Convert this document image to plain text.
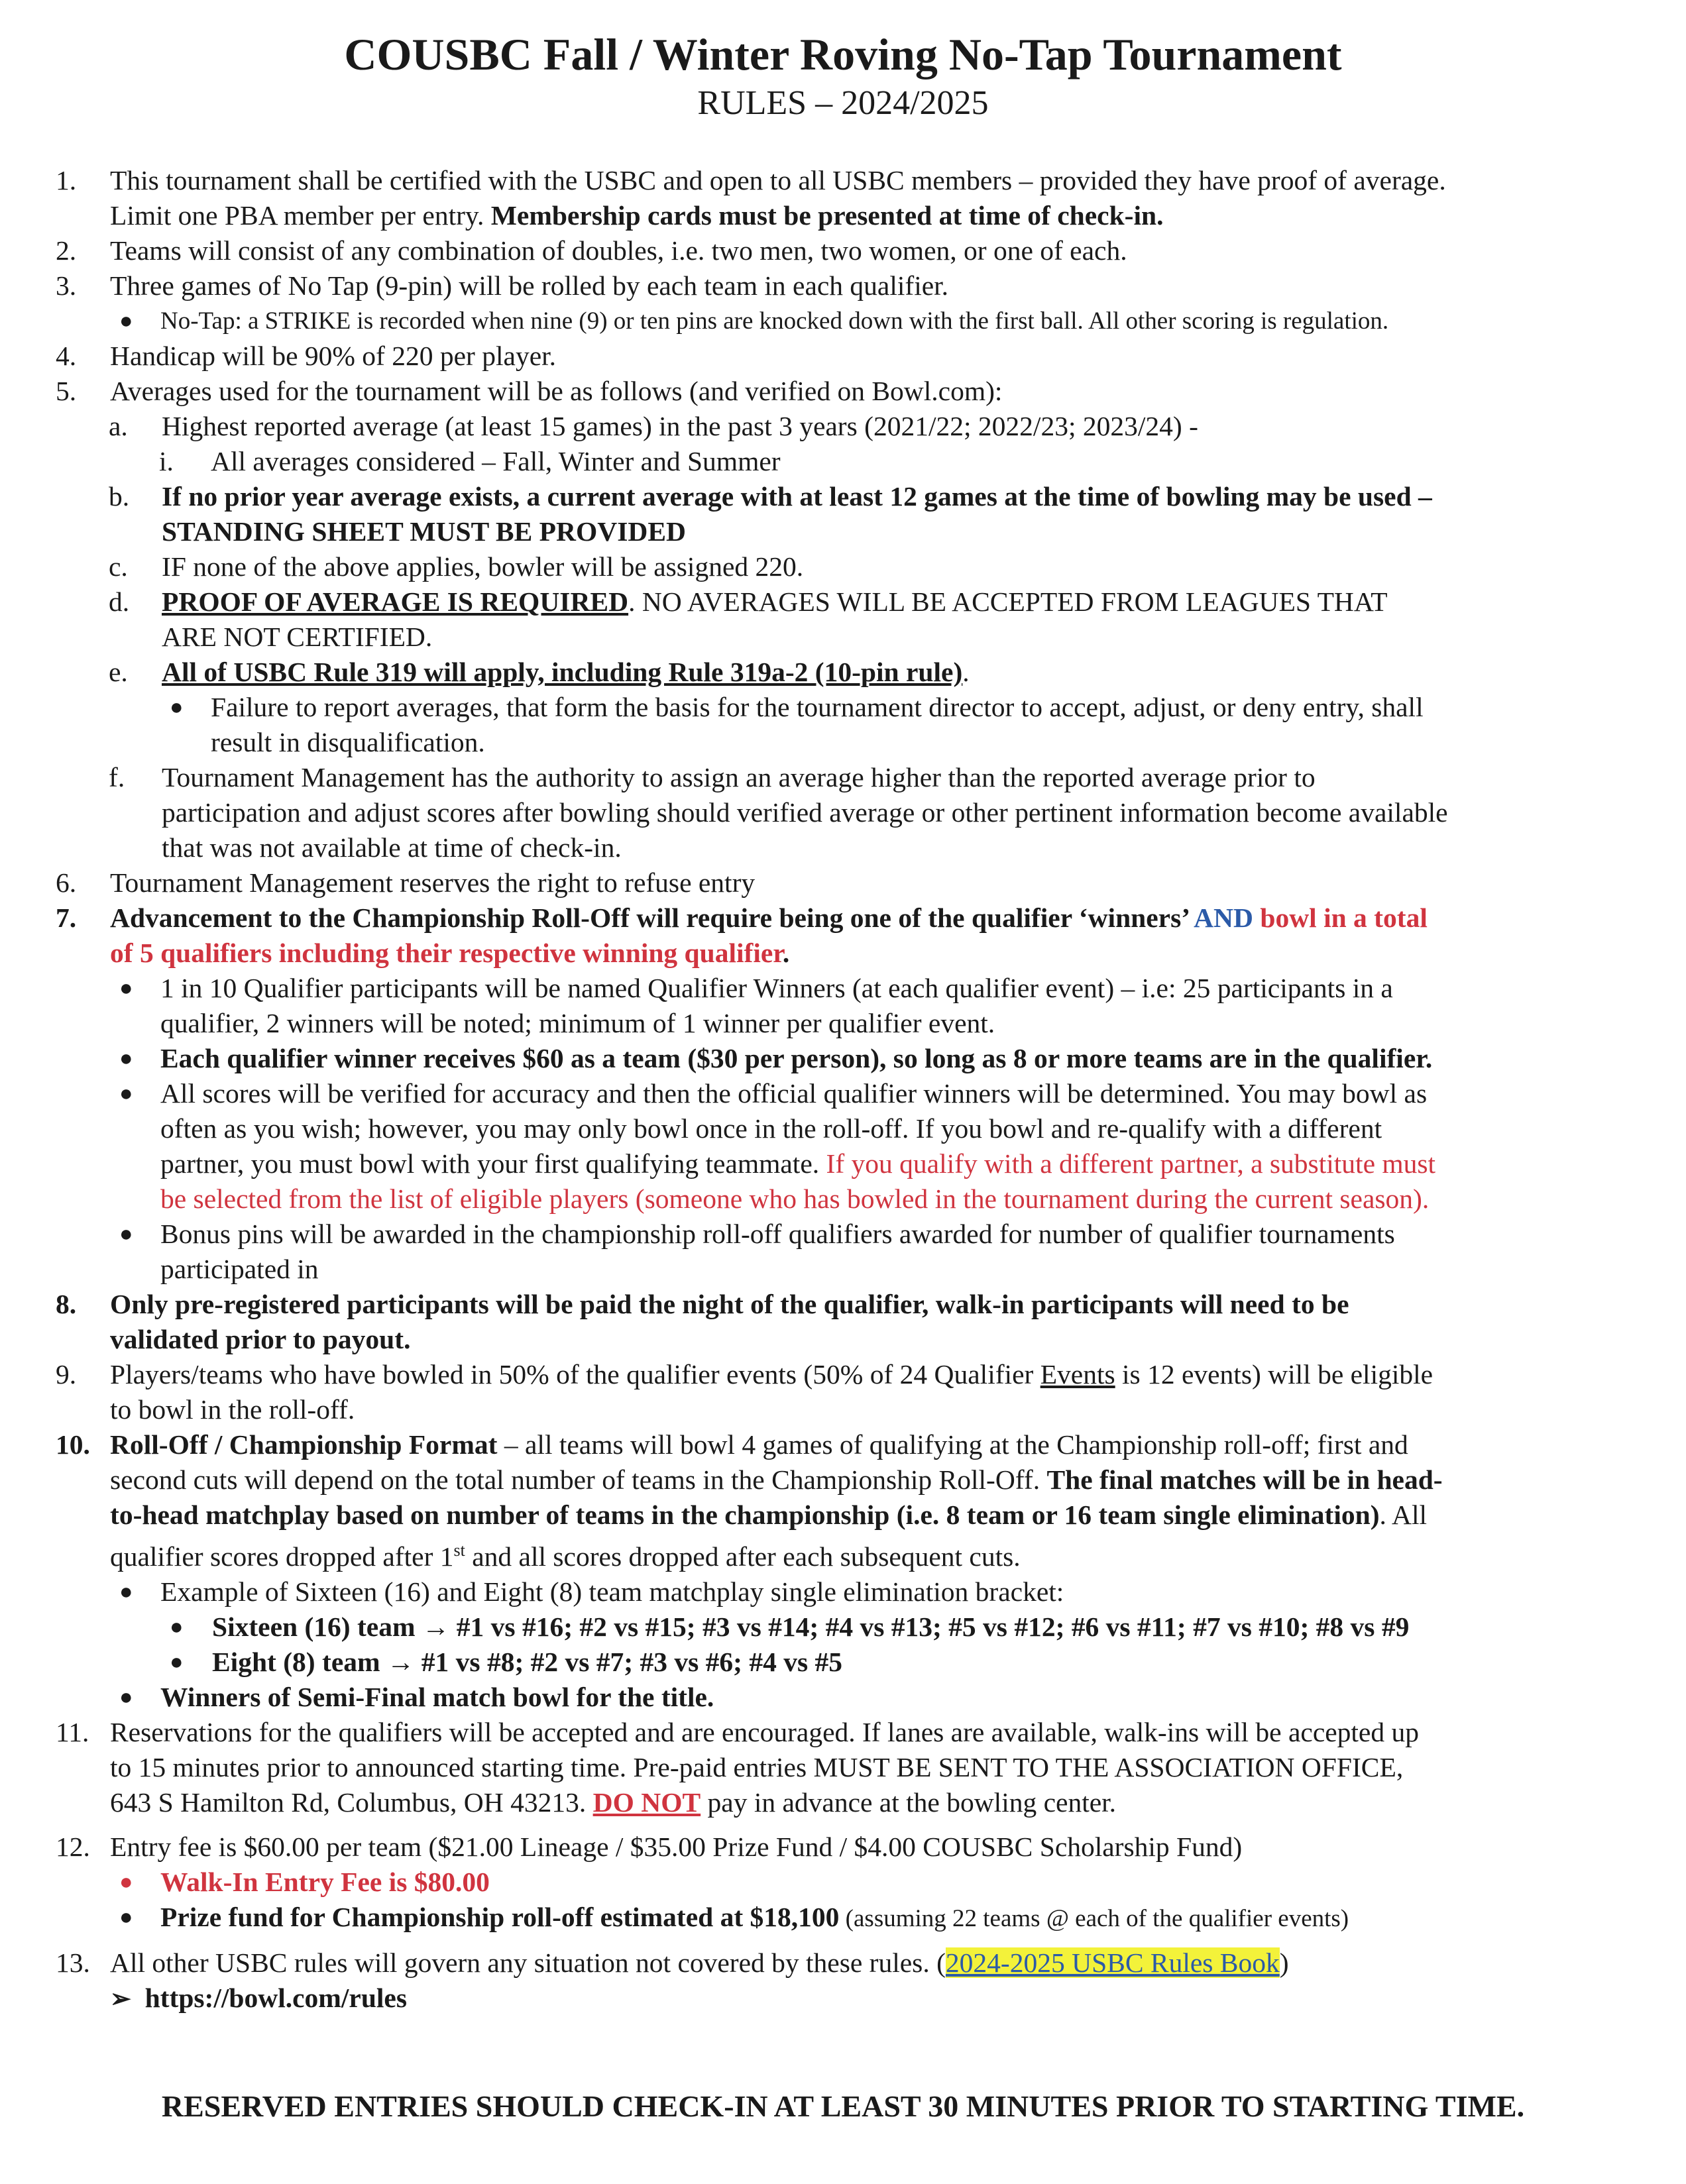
COUSBC Fall / Winter Roving No-Tap Tournament
RULES – 2024/2025
1. This tournament shall be certified with the USBC and open to all USBC members – provided they have proof of average.
Limit one PBA member per entry. Membership cards must be presented at time of check-in.
2. Teams will consist of any combination of doubles, i.e. two men, two women, or one of each.
3. Three games of No Tap (9-pin) will be rolled by each team in each qualifier.
● No-Tap: a STRIKE is recorded when nine (9) or ten pins are knocked down with the first ball. All other scoring is regulation.
4. Handicap will be 90% of 220 per player.
5. Averages used for the tournament will be as follows (and verified on Bowl.com):
a. Highest reported average (at least 15 games) in the past 3 years (2021/22; 2022/23; 2023/24) -
i. All averages considered – Fall, Winter and Summer
b. If no prior year average exists, a current average with at least 12 games at the time of bowling may be used –
STANDING SHEET MUST BE PROVIDED
c. IF none of the above applies, bowler will be assigned 220.
d. PROOF OF AVERAGE IS REQUIRED. NO AVERAGES WILL BE ACCEPTED FROM LEAGUES THAT
ARE NOT CERTIFIED.
e. All of USBC Rule 319 will apply, including Rule 319a-2 (10-pin rule).
● Failure to report averages, that form the basis for the tournament director to accept, adjust, or deny entry, shall
result in disqualification.
f. Tournament Management has the authority to assign an average higher than the reported average prior to
participation and adjust scores after bowling should verified average or other pertinent information become available
that was not available at time of check-in.
6. Tournament Management reserves the right to refuse entry
7. Advancement to the Championship Roll-Off will require being one of the qualifier ‘winners’ AND bowl in a total
of 5 qualifiers including their respective winning qualifier.
● 1 in 10 Qualifier participants will be named Qualifier Winners (at each qualifier event) – i.e: 25 participants in a
qualifier, 2 winners will be noted; minimum of 1 winner per qualifier event.
● Each qualifier winner receives $60 as a team ($30 per person), so long as 8 or more teams are in the qualifier.
● All scores will be verified for accuracy and then the official qualifier winners will be determined. You may bowl as
often as you wish; however, you may only bowl once in the roll-off. If you bowl and re-qualify with a different
partner, you must bowl with your first qualifying teammate. If you qualify with a different partner, a substitute must
be selected from the list of eligible players (someone who has bowled in the tournament during the current season).
● Bonus pins will be awarded in the championship roll-off qualifiers awarded for number of qualifier tournaments
participated in
8. Only pre-registered participants will be paid the night of the qualifier, walk-in participants will need to be
validated prior to payout.
9. Players/teams who have bowled in 50% of the qualifier events (50% of 24 Qualifier Events is 12 events) will be eligible
to bowl in the roll-off.
10. Roll-Off / Championship Format – all teams will bowl 4 games of qualifying at the Championship roll-off; first and
second cuts will depend on the total number of teams in the Championship Roll-Off. The final matches will be in head-
to-head matchplay based on number of teams in the championship (i.e. 8 team or 16 team single elimination). All
qualifier scores dropped after 1st and all scores dropped after each subsequent cuts.
● Example of Sixteen (16) and Eight (8) team matchplay single elimination bracket:
● Sixteen (16) team → #1 vs #16; #2 vs #15; #3 vs #14; #4 vs #13; #5 vs #12; #6 vs #11; #7 vs #10; #8 vs #9
● Eight (8) team → #1 vs #8; #2 vs #7; #3 vs #6; #4 vs #5
● Winners of Semi-Final match bowl for the title.
11. Reservations for the qualifiers will be accepted and are encouraged. If lanes are available, walk-ins will be accepted up
to 15 minutes prior to announced starting time. Pre-paid entries MUST BE SENT TO THE ASSOCIATION OFFICE,
643 S Hamilton Rd, Columbus, OH 43213. DO NOT pay in advance at the bowling center.
12. Entry fee is $60.00 per team ($21.00 Lineage / $35.00 Prize Fund / $4.00 COUSBC Scholarship Fund)
● Walk-In Entry Fee is $80.00
● Prize fund for Championship roll-off estimated at $18,100 (assuming 22 teams @ each of the qualifier events)
13. All other USBC rules will govern any situation not covered by these rules. (2024-2025 USBC Rules Book)
➢ https://bowl.com/rules
RESERVED ENTRIES SHOULD CHECK-IN AT LEAST 30 MINUTES PRIOR TO STARTING TIME.
